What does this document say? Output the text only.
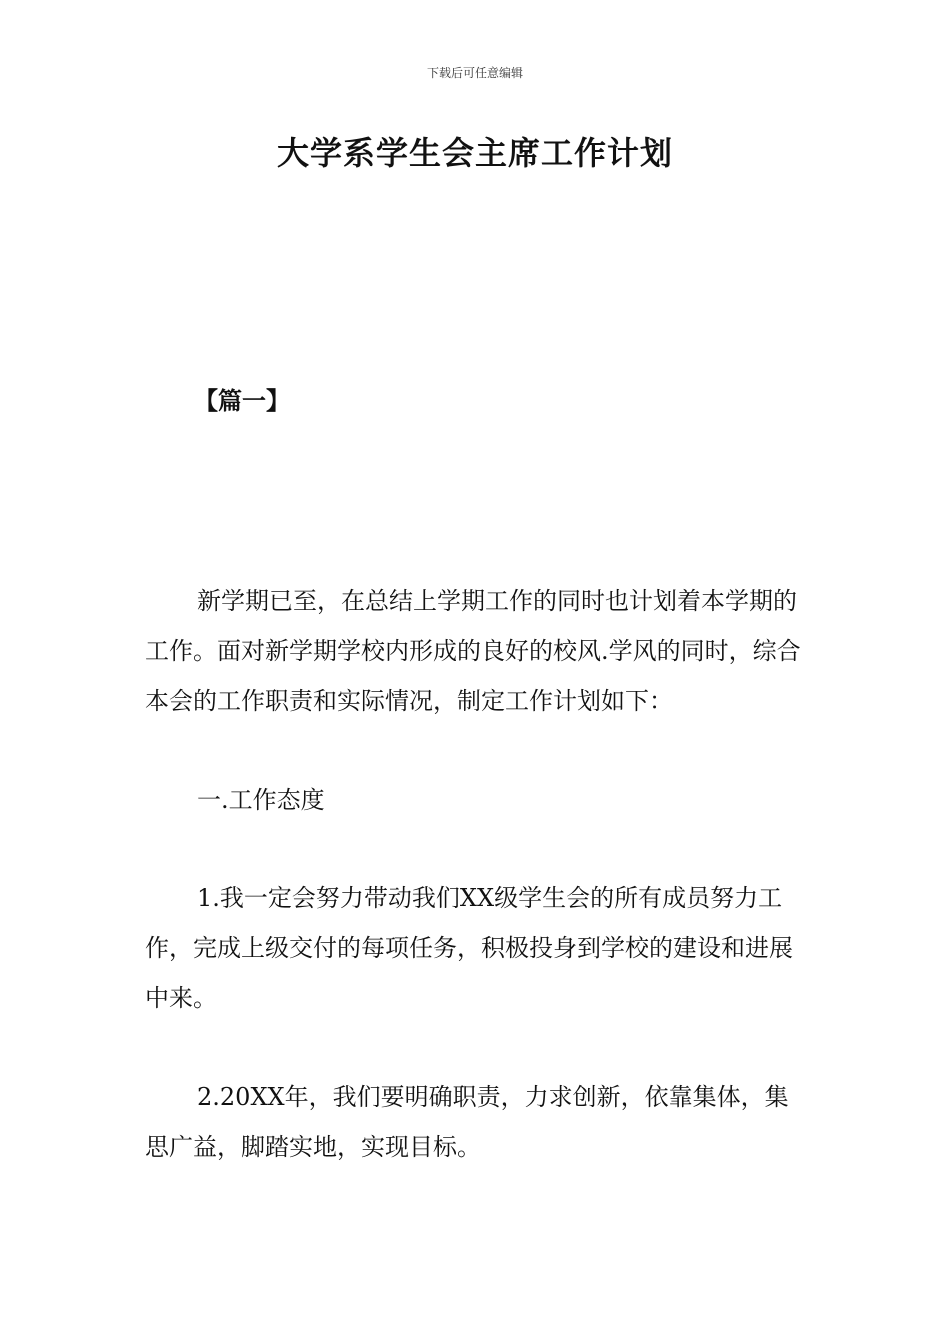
下载后可任意编辑
大学系学生会主席工作计划
【篇一】

新学期已至，在总结上学期工作的同时也计划着本学期的工作。面对新学期学校内形成的良好的校风.学风的同时，综合本会的工作职责和实际情况，制定工作计划如下：

一.工作态度

1.我一定会努力带动我们XX级学生会的所有成员努力工作，完成上级交付的每项任务，积极投身到学校的建设和进展中来。

2.20XX年，我们要明确职责，力求创新，依靠集体，集思广益，脚踏实地，实现目标。
